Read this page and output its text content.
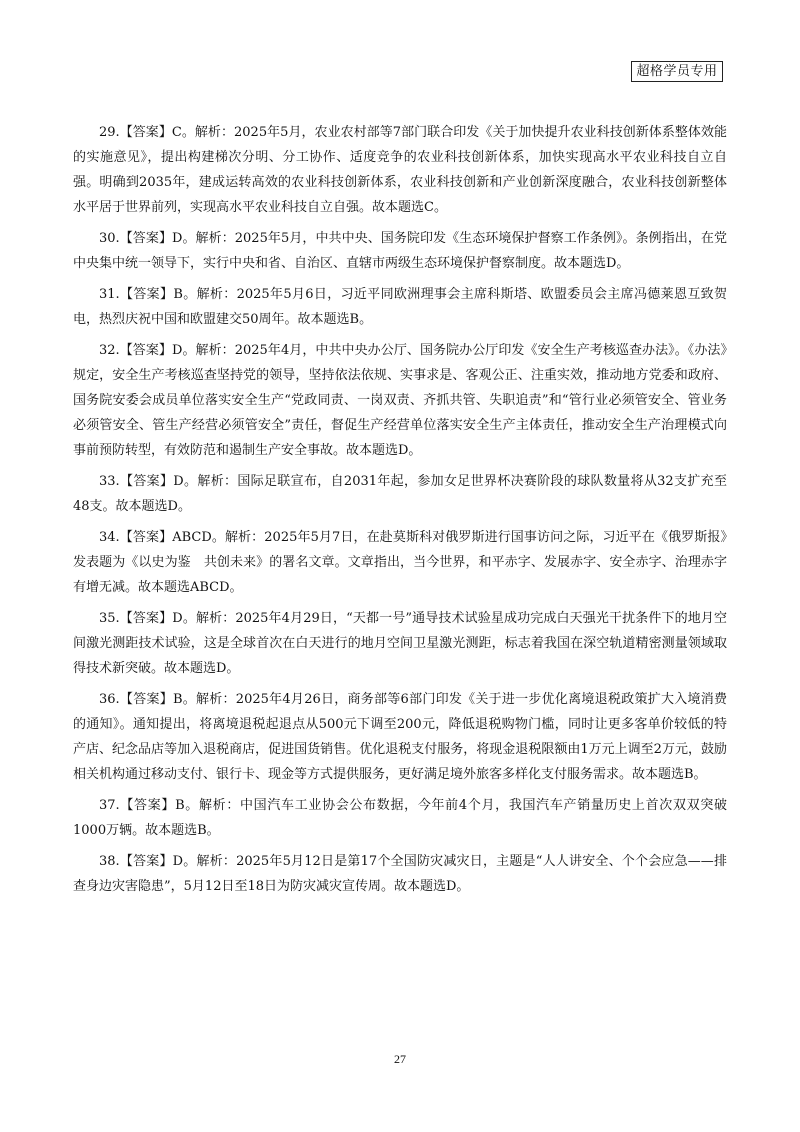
超格学员专用

29.【答案】C。解析：2025年5月，农业农村部等7部门联合印发《关于加快提升农业科技创新体系整体效能的实施意见》，提出构建梯次分明、分工协作、适度竞争的农业科技创新体系，加快实现高水平农业科技自立自强。明确到2035年，建成运转高效的农业科技创新体系，农业科技创新和产业创新深度融合，农业科技创新整体水平居于世界前列，实现高水平农业科技自立自强。故本题选C。

30.【答案】D。解析：2025年5月，中共中央、国务院印发《生态环境保护督察工作条例》。条例指出，在党中央集中统一领导下，实行中央和省、自治区、直辖市两级生态环境保护督察制度。故本题选D。

31.【答案】B。解析：2025年5月6日，习近平同欧洲理事会主席科斯塔、欧盟委员会主席冯德莱恩互致贺电，热烈庆祝中国和欧盟建交50周年。故本题选B。

32.【答案】D。解析：2025年4月，中共中央办公厅、国务院办公厅印发《安全生产考核巡查办法》。《办法》规定，安全生产考核巡查坚持党的领导，坚持依法依规、实事求是、客观公正、注重实效，推动地方党委和政府、国务院安委会成员单位落实安全生产“党政同责、一岗双责、齐抓共管、失职追责”和“管行业必须管安全、管业务必须管安全、管生产经营必须管安全”责任，督促生产经营单位落实安全生产主体责任，推动安全生产治理模式向事前预防转型，有效防范和遏制生产安全事故。故本题选D。

33.【答案】D。解析：国际足联宣布，自2031年起，参加女足世界杯决赛阶段的球队数量将从32支扩充至48支。故本题选D。

34.【答案】ABCD。解析：2025年5月7日，在赴莫斯科对俄罗斯进行国事访问之际，习近平在《俄罗斯报》发表题为《以史为鉴　共创未来》的署名文章。文章指出，当今世界，和平赤字、发展赤字、安全赤字、治理赤字有增无减。故本题选ABCD。

35.【答案】D。解析：2025年4月29日，“天都一号”通导技术试验星成功完成白天强光干扰条件下的地月空间激光测距技术试验，这是全球首次在白天进行的地月空间卫星激光测距，标志着我国在深空轨道精密测量领域取得技术新突破。故本题选D。

36.【答案】B。解析：2025年4月26日，商务部等6部门印发《关于进一步优化离境退税政策扩大入境消费的通知》。通知提出，将离境退税起退点从500元下调至200元，降低退税购物门槛，同时让更多客单价较低的特产店、纪念品店等加入退税商店，促进国货销售。优化退税支付服务，将现金退税限额由1万元上调至2万元，鼓励相关机构通过移动支付、银行卡、现金等方式提供服务，更好满足境外旅客多样化支付服务需求。故本题选B。

37.【答案】B。解析：中国汽车工业协会公布数据，今年前4个月，我国汽车产销量历史上首次双双突破1000万辆。故本题选B。

38.【答案】D。解析：2025年5月12日是第17个全国防灾减灾日，主题是“人人讲安全、个个会应急——排查身边灾害隐患”，5月12日至18日为防灾减灾宣传周。故本题选D。

27
